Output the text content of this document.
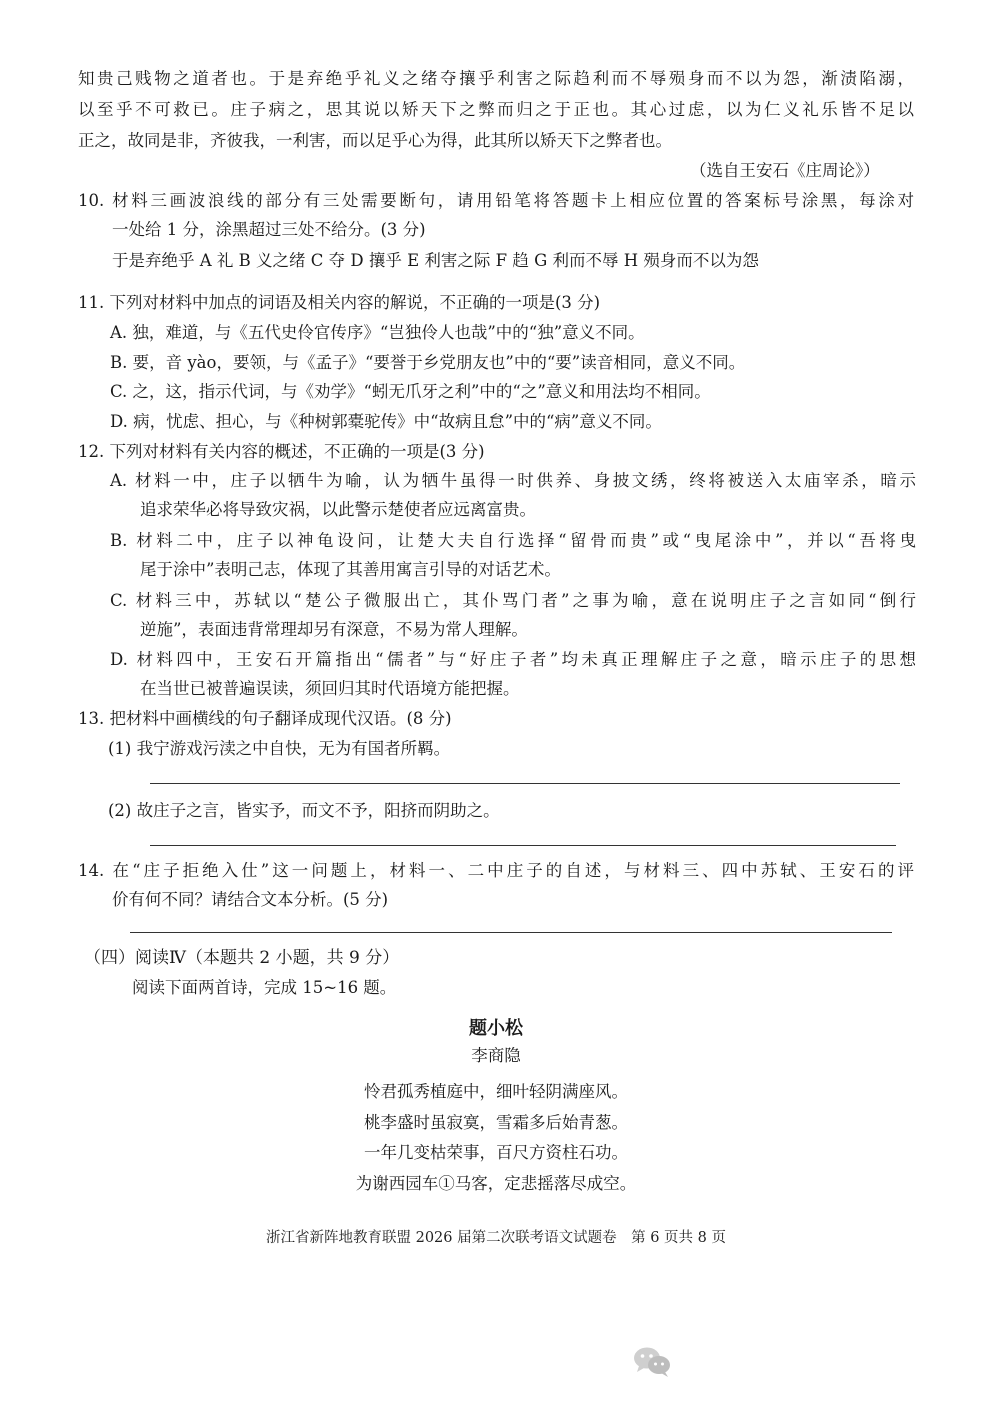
知贵己贱物之道者也。于是弃绝乎礼义之绪夺攘乎利害之际趋利而不辱殒身而不以为怨，渐渍陷溺，
以至乎不可救已。庄子病之，思其说以矫天下之弊而归之于正也。其心过虑，以为仁义礼乐皆不足以
正之，故同是非，齐彼我，一利害，而以足乎心为得，此其所以矫天下之弊者也。
（选自王安石《庄周论》）
10. 材料三画波浪线的部分有三处需要断句，请用铅笔将答题卡上相应位置的答案标号涂黑，每涂对
一处给 1 分，涂黑超过三处不给分。(3 分)
于是弃绝乎 A 礼 B 义之绪 C 夺 D 攘乎 E 利害之际 F 趋 G 利而不辱 H 殒身而不以为怨
11. 下列对材料中加点的词语及相关内容的解说，不正确的一项是(3 分)
A. 独，难道，与《五代史伶官传序》“岂独伶人也哉”中的“独”意义不同。
B. 要，音 yào，要领，与《孟子》“要誉于乡党朋友也”中的“要”读音相同，意义不同。
C. 之，这，指示代词，与《劝学》“蚓无爪牙之利”中的“之”意义和用法均不相同。
D. 病，忧虑、担心，与《种树郭橐驼传》中“故病且怠”中的“病”意义不同。
12. 下列对材料有关内容的概述，不正确的一项是(3 分)
A. 材料一中，庄子以牺牛为喻，认为牺牛虽得一时供养、身披文绣，终将被送入太庙宰杀，暗示
追求荣华必将导致灾祸，以此警示楚使者应远离富贵。
B. 材料二中，庄子以神龟设问，让楚大夫自行选择“留骨而贵”或“曳尾涂中”，并以“吾将曳
尾于涂中”表明己志，体现了其善用寓言引导的对话艺术。
C. 材料三中，苏轼以“楚公子微服出亡，其仆骂门者”之事为喻，意在说明庄子之言如同“倒行
逆施”，表面违背常理却另有深意，不易为常人理解。
D. 材料四中，王安石开篇指出“儒者”与“好庄子者”均未真正理解庄子之意，暗示庄子的思想
在当世已被普遍误读，须回归其时代语境方能把握。
13. 把材料中画横线的句子翻译成现代汉语。(8 分)
(1) 我宁游戏污渎之中自快，无为有国者所羁。
(2) 故庄子之言，皆实予，而文不予，阳挤而阴助之。
14. 在“庄子拒绝入仕”这一问题上，材料一、二中庄子的自述，与材料三、四中苏轼、王安石的评
价有何不同？请结合文本分析。(5 分)
（四）阅读Ⅳ（本题共 2 小题，共 9 分）
阅读下面两首诗，完成 15~16 题。
题小松
李商隐
怜君孤秀植庭中，细叶轻阴满座风。
桃李盛时虽寂寞，雪霜多后始青葱。
一年几变枯荣事，百尺方资柱石功。
为谢西园车①马客，定悲摇落尽成空。
浙江省新阵地教育联盟 2026 届第二次联考语文试题卷　第 6 页共 8 页
